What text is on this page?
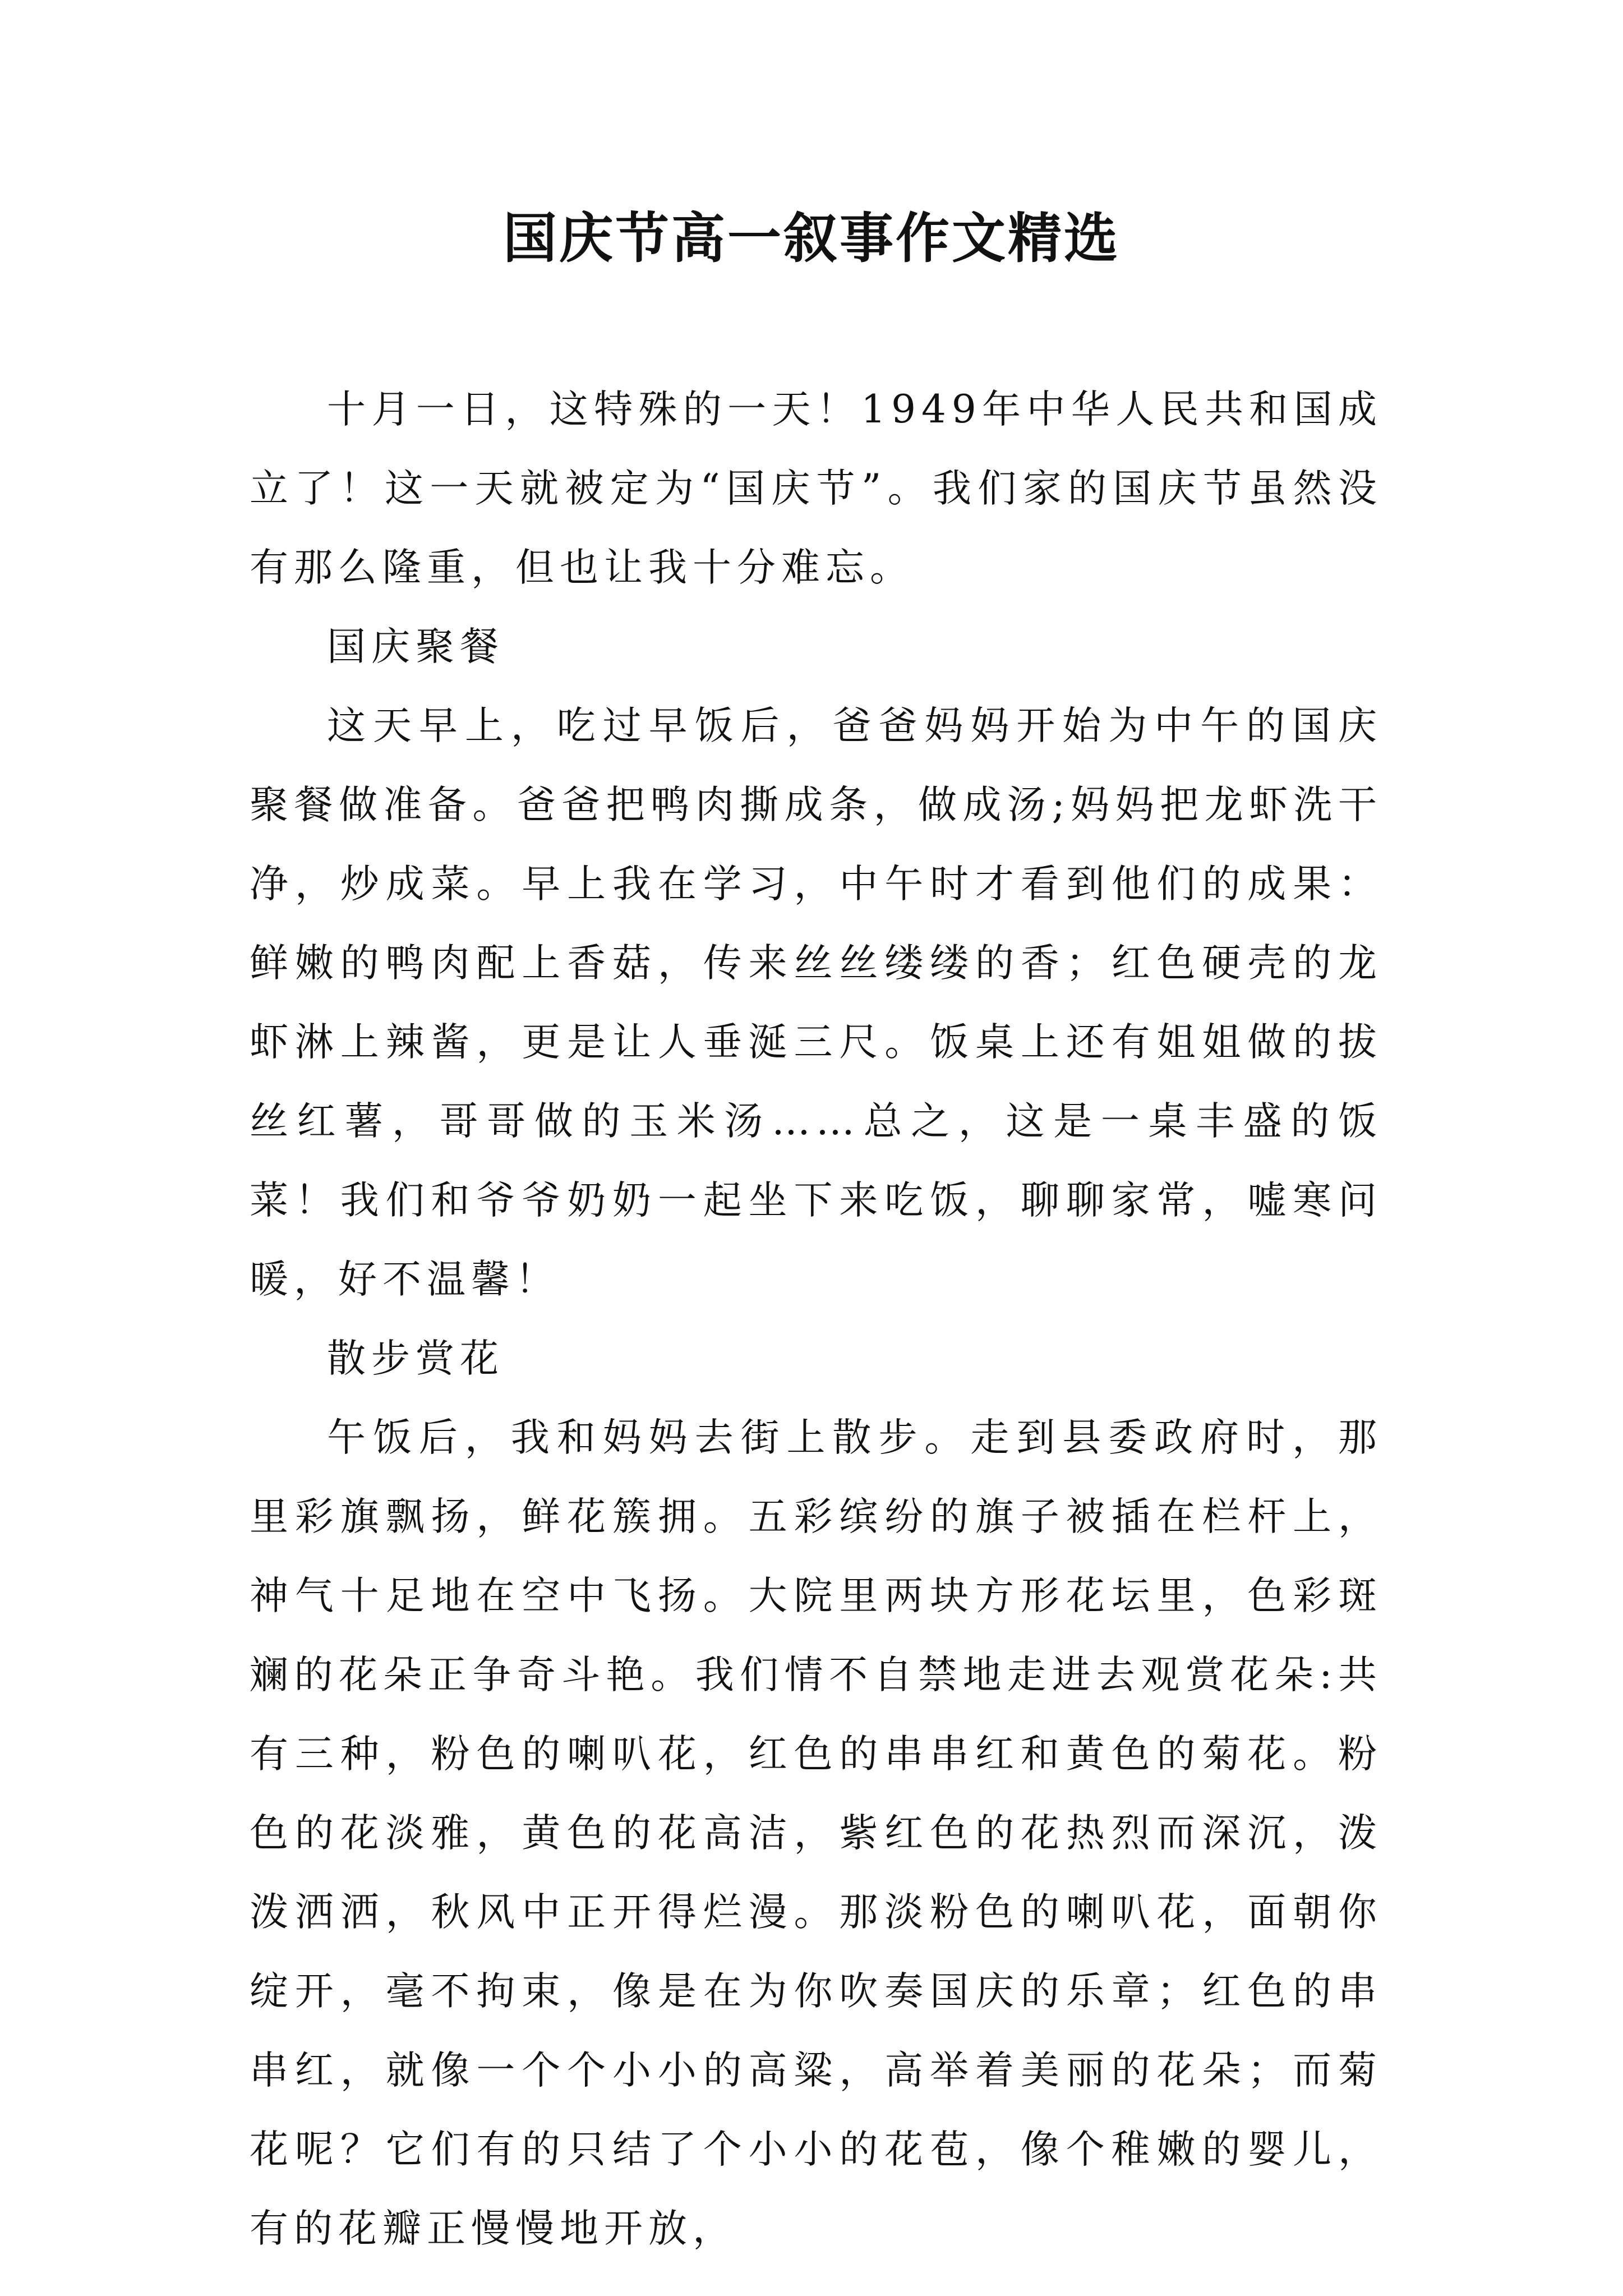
国庆节高一叙事作文精选

十月一日，这特殊的一天！1949年中华人民共和国成立了！这一天就被定为“国庆节”。我们家的国庆节虽然没有那么隆重，但也让我十分难忘。

国庆聚餐

这天早上，吃过早饭后，爸爸妈妈开始为中午的国庆聚餐做准备。爸爸把鸭肉撕成条，做成汤;妈妈把龙虾洗干净，炒成菜。早上我在学习，中午时才看到他们的成果：鲜嫩的鸭肉配上香菇，传来丝丝缕缕的香；红色硬壳的龙虾淋上辣酱，更是让人垂涎三尺。饭桌上还有姐姐做的拔丝红薯，哥哥做的玉米汤……总之，这是一桌丰盛的饭菜！我们和爷爷奶奶一起坐下来吃饭，聊聊家常，嘘寒问暖，好不温馨！

散步赏花

午饭后，我和妈妈去街上散步。走到县委政府时，那里彩旗飘扬，鲜花簇拥。五彩缤纷的旗子被插在栏杆上，神气十足地在空中飞扬。大院里两块方形花坛里，色彩斑斓的花朵正争奇斗艳。我们情不自禁地走进去观赏花朵:共有三种，粉色的喇叭花，红色的串串红和黄色的菊花。粉色的花淡雅，黄色的花高洁，紫红色的花热烈而深沉，泼泼洒洒，秋风中正开得烂漫。那淡粉色的喇叭花，面朝你绽开，毫不拘束，像是在为你吹奏国庆的乐章；红色的串串红，就像一个个小小的高粱，高举着美丽的花朵；而菊花呢？它们有的只结了个小小的花苞，像个稚嫩的婴儿，有的花瓣正慢慢地开放，
